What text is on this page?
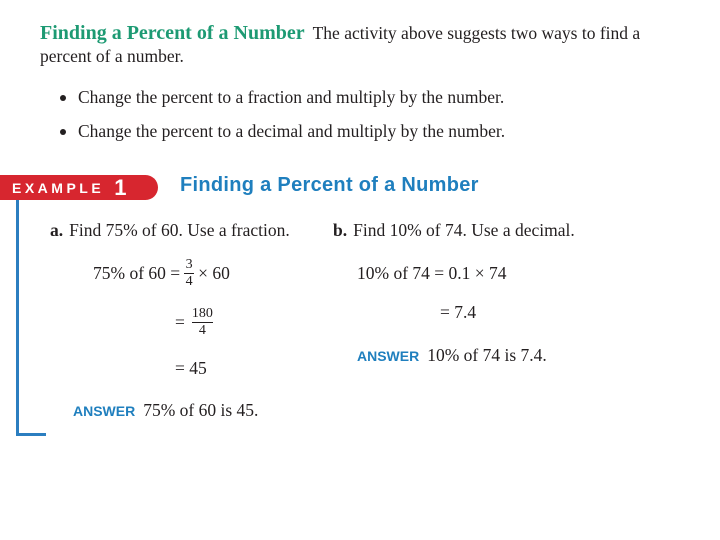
Finding a Percent of a Number The activity above suggests two ways to find a percent of a number.
Change the percent to a fraction and multiply by the number.
Change the percent to a decimal and multiply by the number.
EXAMPLE 1	Finding a Percent of a Number
a. Find 75% of 60. Use a fraction.
75% of $60 = \frac{3}{4} \times 60$
= $\frac{180}{4}$
= 45
ANSWER 75% of 60 is 45.
b. Find 10% of 74. Use a decimal.
10% of 74 = 0.1 × 74
= 7.4
ANSWER 10% of 74 is 7.4.
